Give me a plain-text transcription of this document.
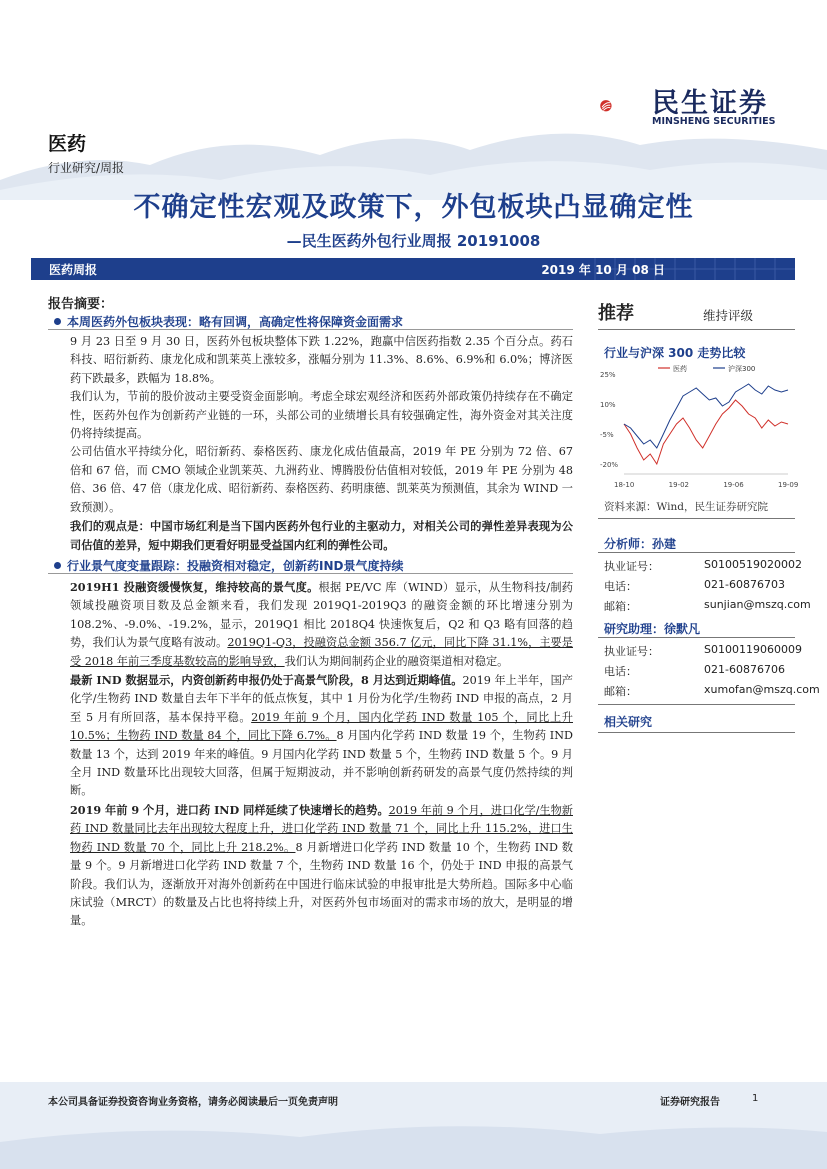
民生证券
MINSHENG SECURITIES
医药
行业研究/周报
不确定性宏观及政策下，外包板块凸显确定性
—民生医药外包行业周报 20191008
医药周报	2019 年 10 月 08 日
报告摘要：
本周医药外包板块表现：略有回调，高确定性将保障资金面需求

9 月 23 日至 9 月 30 日，医药外包板块整体下跌 1.22%，跑赢中信医药指数 2.35 个百分点。药石科技、昭衍新药、康龙化成和凯莱英上涨较多，涨幅分别为 11.3%、8.6%、6.9%和 6.0%；博济医药下跌最多，跌幅为 18.8%。

我们认为，节前的股价波动主要受资金面影响。考虑全球宏观经济和医药外部政策仍持续存在不确定性，医药外包作为创新药产业链的一环，头部公司的业绩增长具有较强确定性，海外资金对其关注度仍将持续提高。

公司估值水平持续分化，昭衍新药、泰格医药、康龙化成估值最高，2019 年 PE 分别为 72 倍、67 倍和 67 倍，而 CMO 领域企业凯莱英、九洲药业、博腾股份估值相对较低，2019 年 PE 分别为 48 倍、36 倍、47 倍（康龙化成、昭衍新药、泰格医药、药明康德、凯莱英为预测值，其余为 WIND 一致预测）。

我们的观点是：中国市场红利是当下国内医药外包行业的主驱动力，对相关公司的弹性差异表现为公司估值的差异，短中期我们更看好明显受益国内红利的弹性公司。

行业景气度变量跟踪：投融资相对稳定，创新药IND景气度持续

2019H1 投融资缓慢恢复，维持较高的景气度。根据 PE/VC 库（WIND）显示，从生物科技/制药领域投融资项目数及总金额来看，我们发现 2019Q1-2019Q3 的融资金额的环比增速分别为 108.2%、-9.0%、-19.2%，显示，2019Q1 相比 2018Q4 快速恢复后，Q2 和 Q3 略有回落的趋势，我们认为景气度略有波动。2019Q1-Q3，投融资总金额 356.7 亿元，同比下降 31.1%，主要是受 2018 年前三季度基数较高的影响导致，我们认为期间制药企业的融资渠道相对稳定。

最新 IND 数据显示，内资创新药申报仍处于高景气阶段，8 月达到近期峰值。2019 年上半年，国产化学/生物药 IND 数量自去年下半年的低点恢复，其中 1 月份为化学/生物药 IND 申报的高点，2 月至 5 月有所回落，基本保持平稳。2019 年前 9 个月，国内化学药 IND 数量 105 个，同比上升 10.5%；生物药 IND 数量 84 个，同比下降 6.7%。8 月国内化学药 IND 数量 19 个，生物药 IND 数量 13 个，达到 2019 年来的峰值。9 月国内化学药 IND 数量 5 个，生物药 IND 数量 5 个。9 月全月 IND 数量环比出现较大回落，但属于短期波动，并不影响创新药研发的高景气度仍然持续的判断。

2019 年前 9 个月，进口药 IND 同样延续了快速增长的趋势。2019 年前 9 个月，进口化学/生物新药 IND 数量同比去年出现较大程度上升，进口化学药 IND 数量 71 个，同比上升 115.2%，进口生物药 IND 数量 70 个，同比上升 218.2%。8 月新增进口化学药 IND 数量 10 个，生物药 IND 数量 9 个。9 月新增进口化学药 IND 数量 7 个，生物药 IND 数量 16 个，仍处于 IND 申报的高景气阶段。我们认为，逐渐放开对海外创新药在中国进行临床试验的申报审批是大势所趋。国际多中心临床试验（MRCT）的数量及占比也将持续上升，对医药外包市场面对的需求市场的放大，是明显的增量。

推荐	维持评级
行业与沪深 300 走势比较
25%
10%
-5%
-20%
18-10	19-02	19-06	19-09
医药	沪深300
资料来源：Wind，民生证券研究院
分析师：孙建
执业证号：	S0100519020002
电话：	021-60876703
邮箱：	sunjian@mszq.com
研究助理：徐默凡
执业证号：	S0100119060009
电话：	021-60876706
邮箱：	xumofan@mszq.com
相关研究
本公司具备证券投资咨询业务资格，请务必阅读最后一页免责声明	证券研究报告	1
